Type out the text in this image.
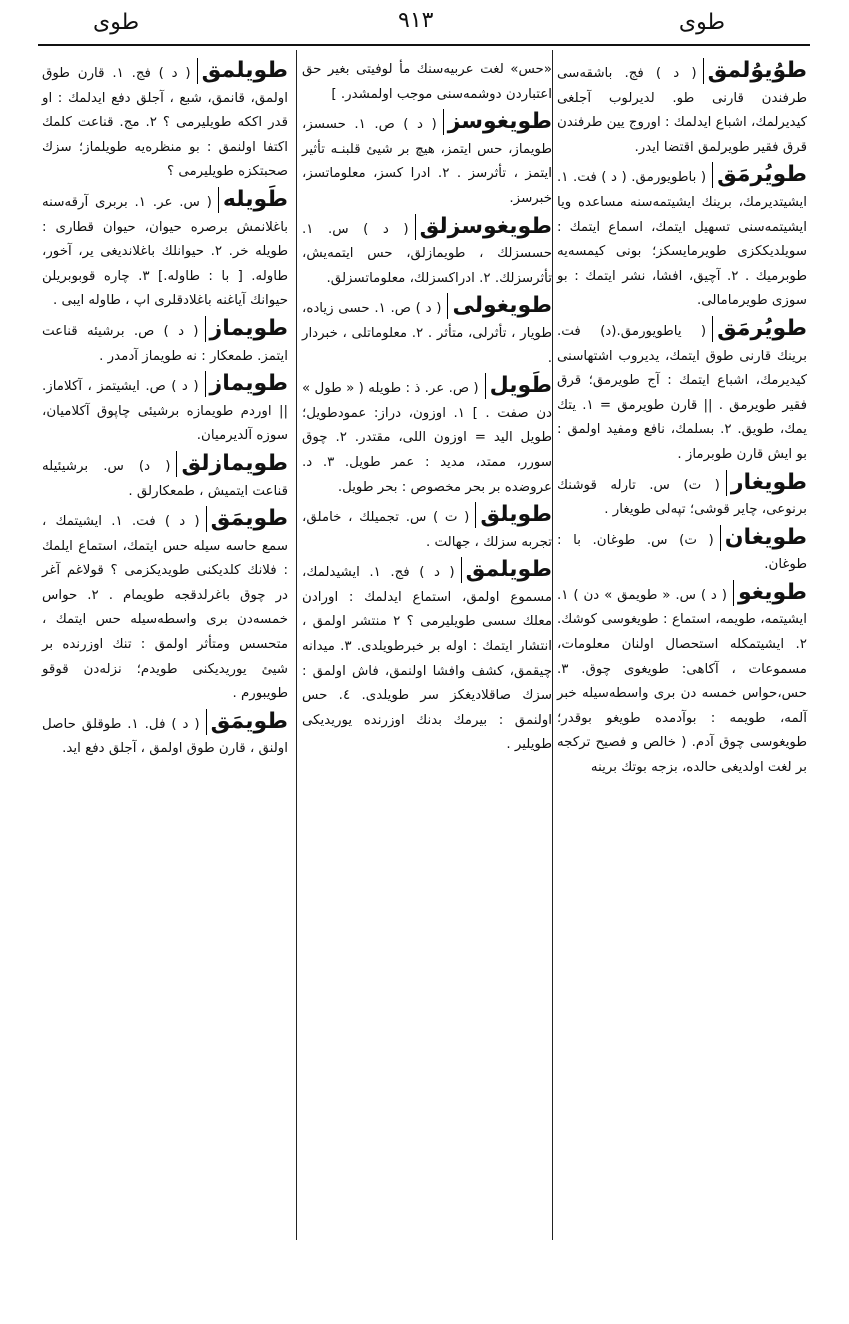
طوى	۹۱۳	طوى
طوُيوُلمق( د ) فج. باشقه‌سى طرفندن قارنى طو. لديرلوب آجلغى كيديرلمك، اشباع ايدلمك : اوروج يين طرفندن قرق فقير طويرلمق اقتضا ايدر.
طويُرمَق( باطويورمق. ( د ) فت. ۱. ايشيتديرمك، برينك ايشيتمه‌سنه مساعده ويا ايشيتمه‌سنى تسهيل ايتمك، اسماع ايتمك : سويلديككزى طويرمايسكز؛ بونى كيمسه‌يه طوبرميك . ۲. آچيق، افشا، نشر ايتمك : بو سوزى طويرمامالى.
طويُرمَق( ياطويورمق.(د) فت. برينك قارنى طوق ايتمك، يديروب اشتهاسنى كيديرمك، اشباع ايتمك : آج طويرمق؛ قرق فقير طويرمق . || قارن طويرمق = ۱. يتك يمك، طويق. ۲. بسلمك، نافع ومفيد اولمق : بو ايش قارن طوبرماز .
طويغار( ت) س. تارله قوشنك برنوعى، چاير قوشى؛ تپه‌لى طويغار .
طويغان( ت) س. طوغان. با : طوغان.
طويغو( د ) س. « طويمق » دن ) ۱. ايشيتمه، طويمه، استماع : طويغوسى كوشك. ۲. ايشيتمكله استحصال اولنان معلومات، مسموعات ، آكاهى: طويغوى چوق. ۳. حس،حواس خمسه دن برى واسطه‌سيله خبر آلمه، طويمه : بوآدمده طويغو بوقدر؛ طويغوسى چوق آدم. ( خالص و فصيح تركجه بر لغت اولديغى حالده، بزجه بوتك برينه
«حس» لغت عربيه‌سنك مأ لوفيتى بغير حق اعتباردن دوشمه‌سنى موجب اولمشدر. ]
طويغوسز( د ) ص. ۱. حسسز، طويماز، حس ايتمز، هيچ بر شيئ قلبنـه تأثير ايتمز ، تأثرسز . ۲. ادرا كسز، معلوماتسز، خبرسز.
طويغوسزلق( د ) س. ۱. حسسزلك ، طويمازلق، حس ايتمه‌يش، تأثرسزلك. ۲. ادراكسزلك، معلوماتسزلق.
طويغولى( د ) ص. ۱. حسى زياده، طويار ، تأثرلى، متأثر . ۲. معلوماتلى ، خبردار .
طَويل( ص. عر. ذ : طويله ( « طول » دن صفت . ] ۱. اوزون، دراز: عمودطويل؛ طويل اليد = اوزون اللى، مقتدر. ۲. چوق سورر، ممتد، مديد : عمر طويل. ۳. د. عروضده بر بحر مخصوص : بحر طويل.
طويلق( ت ) س. تجميلك ، خاملق، تجربه سزلك ، جهالت .
طويلمق( د ) فج. ۱. ايشيدلمك، مسموع اولمق، استماع ايدلمك : اورادن معلك سسى طويليرمى ؟ ۲ منتشر اولمق ، انتشار ايتمك : اوله بر خبرطويلدى. ۳. ميدانه چيقمق، كشف وافشا اولنمق، فاش اولمق : سزك صاقلاديغكز سر طويلدى. ٤. حس اولنمق : بيرمك بدنك اوزرنده يوريديكى طويلير .
طويلمق( د ) فج. ۱. قارن طوق اولمق، قانمق، شبع ، آجلق دفع ايدلمك : او قدر اككه طويليرمى ؟ ۲. مج. قناعت كلمك اكتفا اولنمق : بو منظره‌يه طويلماز؛ سزك صحبتكزه طويليرمى ؟
طَويله( س. عر. ۱. بربرى آرقه‌سنه باغلانمش برصره حيوان، حيوان قطارى : طويله‌ خر. ۲. حيوانلك باغلانديغى ير، آخور، طاوله. [ با : طاوله.] ۳. چاره قوبوبريلن حيوانك آياغنه باغلادقلرى اپ ، طاوله ايبى .
طويماز( د ) ص. برشيئه قناعت ايتمز. طمعكار : نه طويماز آدمدر .
طويماز( د ) ص. ايشيتمز ، آكلاماز. || اوردم طويمازه برشيئى چاپوق آكلاميان، سوزه آلديرميان.
طويمازلق( د) س. برشيئيله قناعت ايتميش ، طمعكارلق .
طويمَق( د ) فت. ۱. ايشيتمك ، سمع حاسه سيله حس ايتمك، استماع ايلمك : فلانك كلديكنى طويديكزمى ؟ قولاغم آغر در چوق باغرلدقجه طويمام . ۲. حواس خمسه‌دن برى واسطه‌سيله حس ايتمك ، متحسس ومتأثر اولمق : تنك اوزرنده بر شيئ يوريديكنى طويدم؛ نزله‌دن قوقو طويبورم .
طويمَق( د ) فل. ۱. طوقلق حاصل اولنق ، قارن طوق اولمق ، آجلق دفع ايد.
